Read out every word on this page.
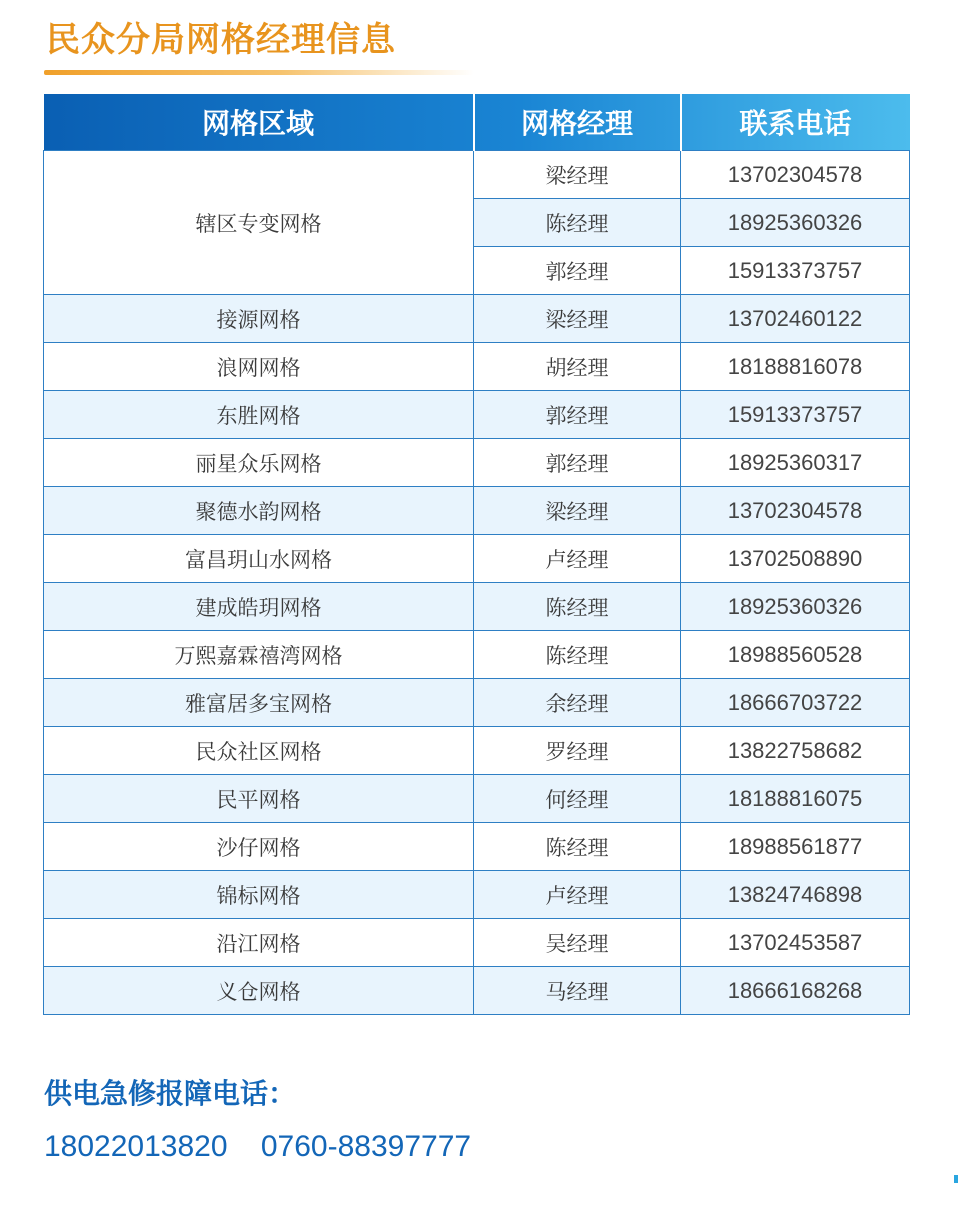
民众分局网格经理信息
网格区域	网格经理	联系电话
辖区专变网格	梁经理	13702304578
	陈经理	18925360326
	郭经理	15913373757
接源网格	梁经理	13702460122
浪网网格	胡经理	18188816078
东胜网格	郭经理	15913373757
丽星众乐网格	郭经理	18925360317
聚德水韵网格	梁经理	13702304578
富昌玥山水网格	卢经理	13702508890
建成皓玥网格	陈经理	18925360326
万熙嘉霖禧湾网格	陈经理	18988560528
雅富居多宝网格	余经理	18666703722
民众社区网格	罗经理	13822758682
民平网格	何经理	18188816075
沙仔网格	陈经理	18988561877
锦标网格	卢经理	13824746898
沿江网格	吴经理	13702453587
义仓网格	马经理	18666168268
供电急修报障电话：
18022013820    0760-88397777
